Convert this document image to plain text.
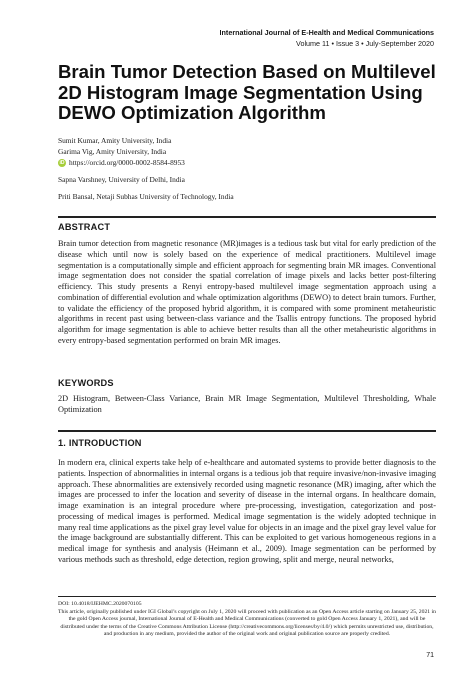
International Journal of E-Health and Medical Communications
Volume 11 • Issue 3 • July-September 2020
Brain Tumor Detection Based on Multilevel 2D Histogram Image Segmentation Using DEWO Optimization Algorithm
Sumit Kumar, Amity University, India
Garima Vig, Amity University, India
iD https://orcid.org/0000-0002-8584-8953
Sapna Varshney, University of Delhi, India
Priti Bansal, Netaji Subhas University of Technology, India
ABSTRACT
Brain tumor detection from magnetic resonance (MR)images is a tedious task but vital for early prediction of the disease which until now is solely based on the experience of medical practitioners. Multilevel image segmentation is a computationally simple and efficient approach for segmenting brain MR images. Conventional image segmentation does not consider the spatial correlation of image pixels and lacks better post-filtering efficiency. This study presents a Renyi entropy-based multilevel image segmentation approach using a combination of differential evolution and whale optimization algorithms (DEWO) to detect brain tumors. Further, to validate the efficiency of the proposed hybrid algorithm, it is compared with some prominent metaheuristic algorithms in recent past using between-class variance and the Tsallis entropy functions. The proposed hybrid algorithm for image segmentation is able to achieve better results than all the other metaheuristic algorithms in every entropy-based segmentation performed on brain MR images.
KEYWORDS
2D Histogram, Between-Class Variance, Brain MR Image Segmentation, Multilevel Thresholding, Whale Optimization
1. INTRODUCTION
In modern era, clinical experts take help of e-healthcare and automated systems to provide better diagnosis to the patients. Inspection of abnormalities in internal organs is a tedious job that require invasive/non-invasive imaging approach. These abnormalities are extensively recorded using magnetic resonance (MR) imaging, after which the images are processed to infer the location and severity of disease in the internal organs. In healthcare domain, image examination is an integral procedure where pre-processing, investigation, categorization and post-processing of medical images is performed. Medical image segmentation is the widely adopted technique in many real time applications as the pixel gray level value for objects in an image and the pixel gray level value for the image background are substantially different. This can be exploited to get various homogeneous regions in a medical image for synthesis and analysis (Heimann et al., 2009). Image segmentation can be performed by various methods such as threshold, edge detection, region growing, split and merge, neural networks,
DOI: 10.4018/IJEHMC.2020070105
This article, originally published under IGI Global’s copyright on July 1, 2020 will proceed with publication as an Open Access article starting on January 25, 2021 in the gold Open Access journal, International Journal of E-Health and Medical Communications (converted to gold Open Access January 1, 2021), and will be distributed under the terms of the Creative Commons Attribution License (http://creativecommons.org/licenses/by/4.0/) which permits unrestricted use, distribution, and production in any medium, provided the author of the original work and original publication source are properly credited.
71
